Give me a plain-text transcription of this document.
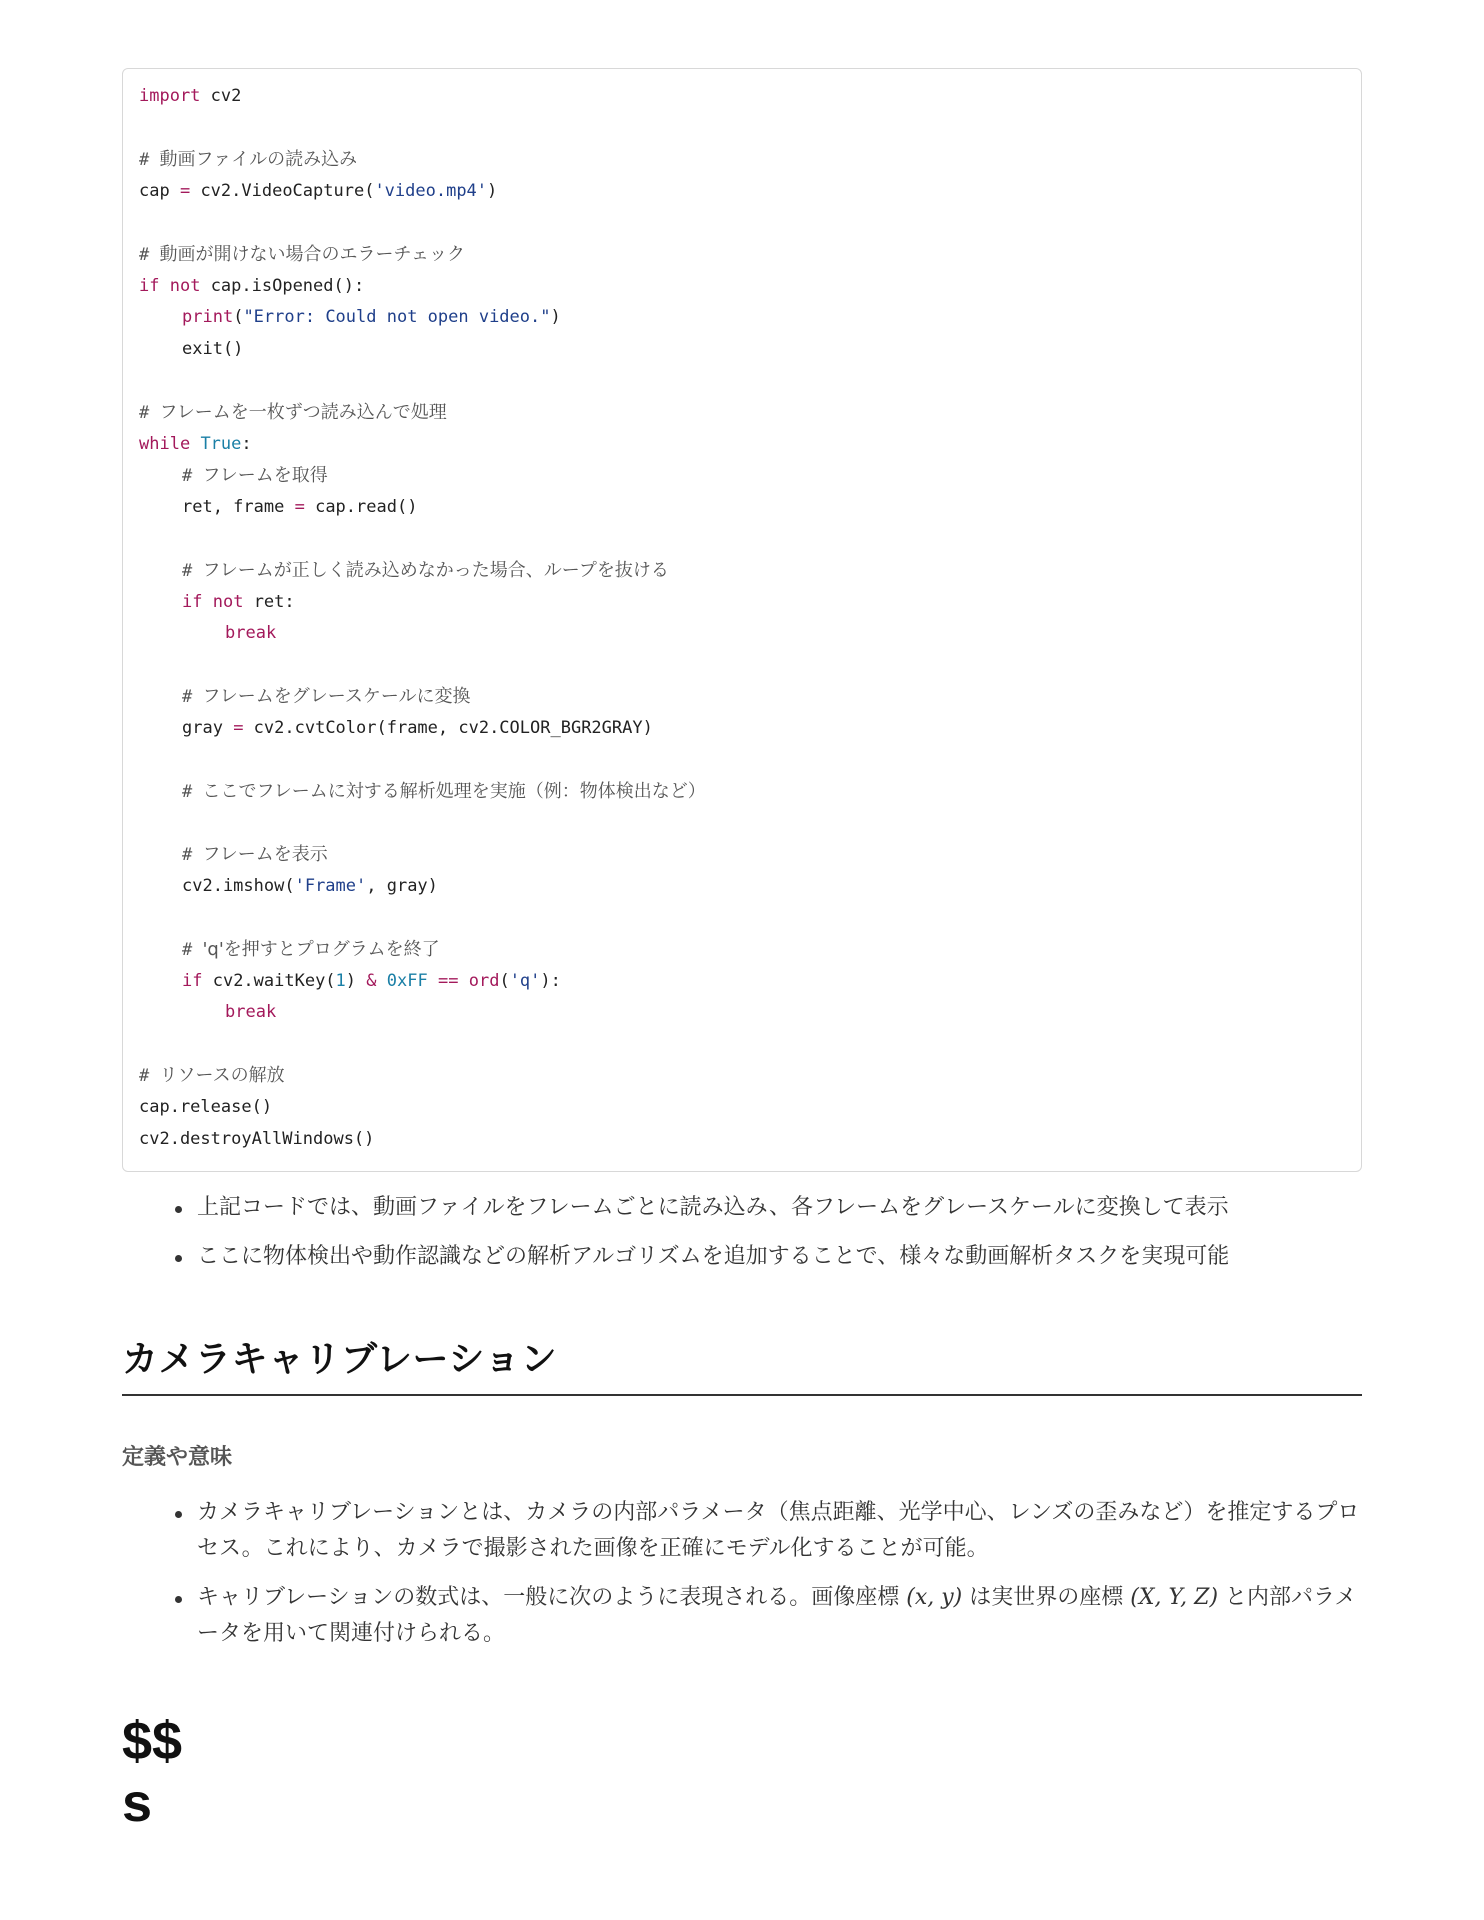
import cv2
# 動画ファイルの読み込み
cap = cv2.VideoCapture('video.mp4')
# 動画が開けない場合のエラーチェック
if not cap.isOpened():
print("Error: Could not open video.")
exit()
# フレームを一枚ずつ読み込んで処理
while True:
# フレームを取得
ret, frame = cap.read()
# フレームが正しく読み込めなかった場合、ループを抜ける
if not ret:
break
# フレームをグレースケールに変換
gray = cv2.cvtColor(frame, cv2.COLOR_BGR2GRAY)
# ここでフレームに対する解析処理を実施（例：物体検出など）
# フレームを表示
cv2.imshow('Frame', gray)
# 'q'を押すとプログラムを終了
if cv2.waitKey(1) & 0xFF == ord('q'):
break
# リソースの解放
cap.release()
cv2.destroyAllWindows()
上記コードでは、動画ファイルをフレームごとに読み込み、各フレームをグレースケールに変換して表示
ここに物体検出や動作認識などの解析アルゴリズムを追加することで、様々な動画解析タスクを実現可能
カメラキャリブレーション
定義や意味
カメラキャリブレーションとは、カメラの内部パラメータ（焦点距離、光学中心、レンズの歪みなど）を推定するプロセス。これにより、カメラで撮影された画像を正確にモデル化することが可能。
キャリブレーションの数式は、一般に次のように表現される。画像座標 (x, y) は実世界の座標 (X, Y, Z) と内部パラメータを用いて関連付けられる。
$$
s
